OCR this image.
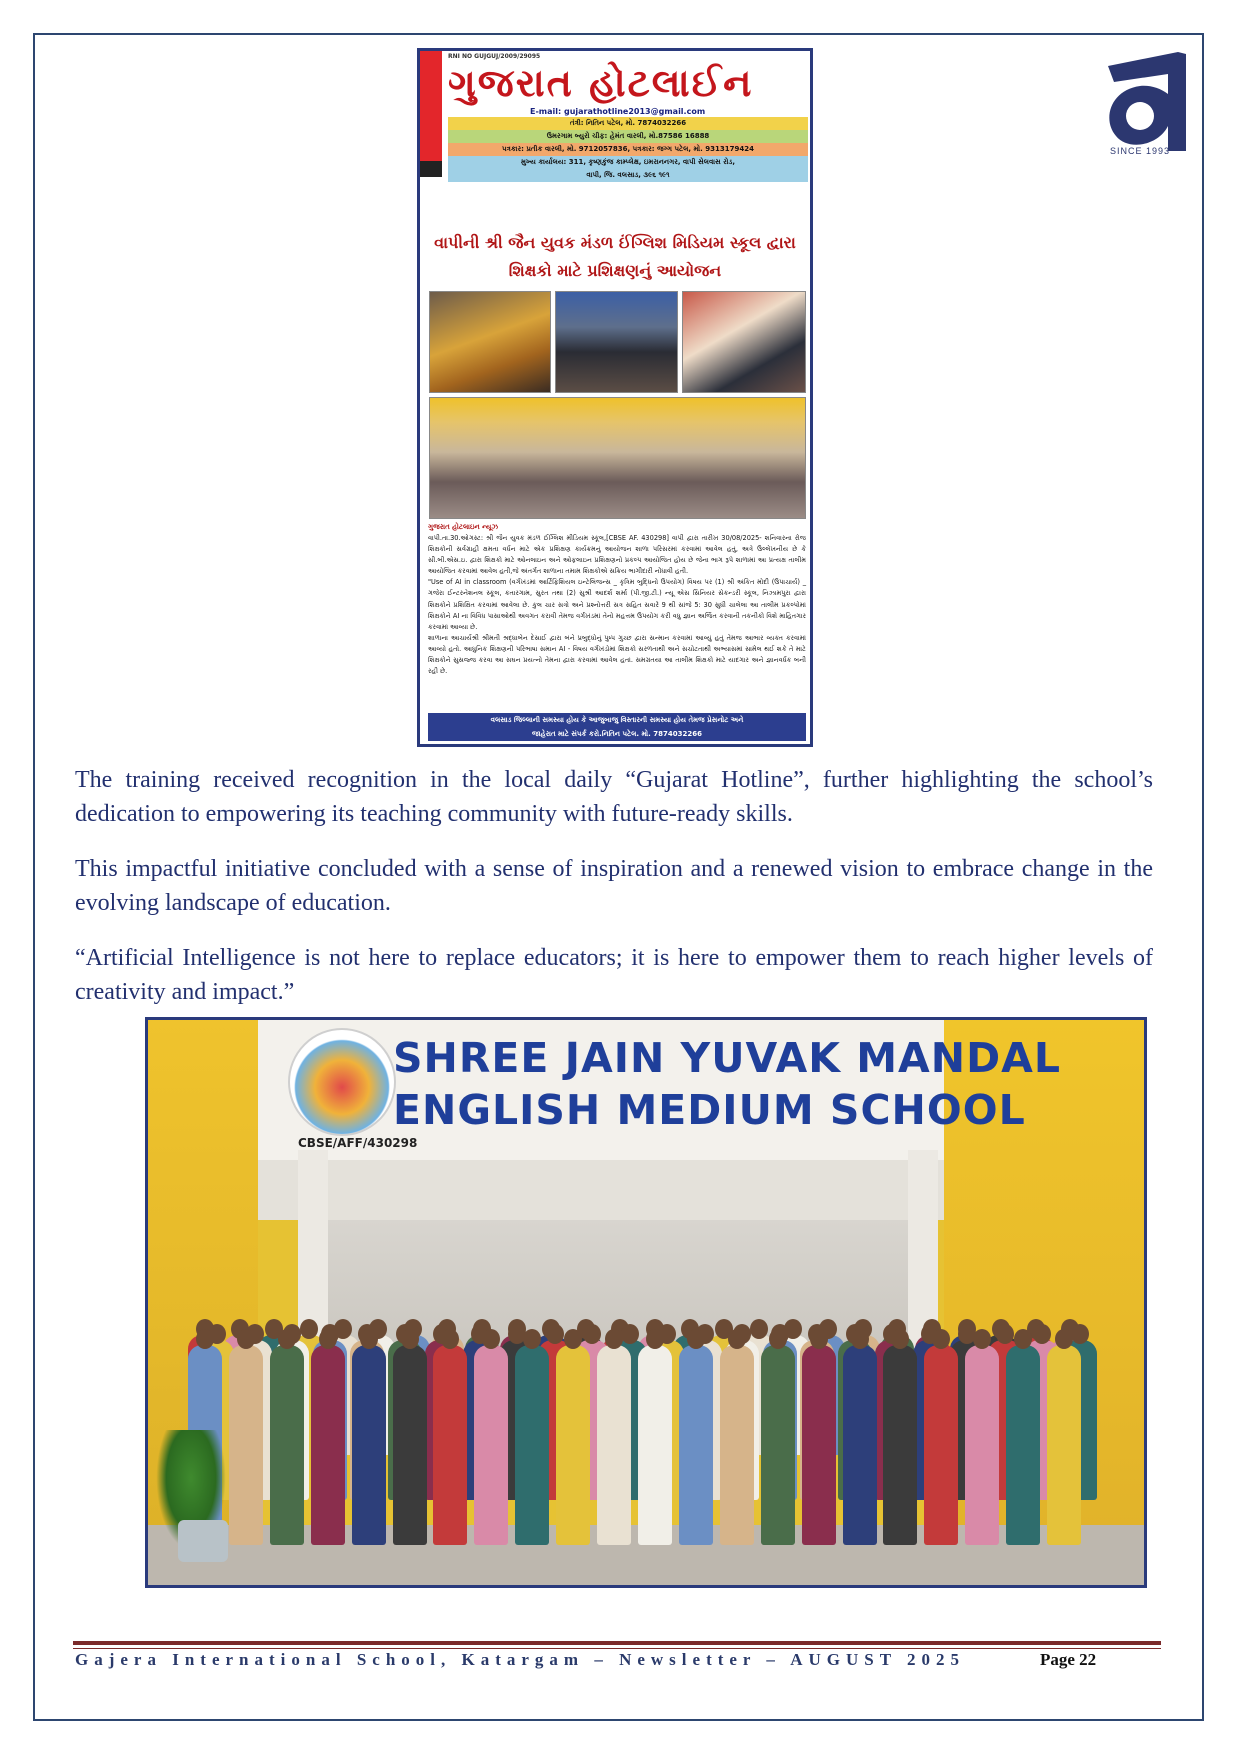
SINCE 1993
RNI NO GUJGUJ/2009/29095
ગુજરાત હોટલાઈન
E-mail: gujarathotline2013@gmail.com
તંત્રી: નિતિન પટેલ, મો. 7874032266
ઉમરગામ બ્યુરો ચીફ: હેમંત વારલી, મો.87586 16888
પત્રકાર: પ્રતીક વારલી, મો. 9712057836, પત્રકાર: જગ્ગ પટેલ, મો. 9313179424
મુખ્ય કાર્યાલય: 311, કૃષ્ણકુંજ કામ્પ્લેક્ષ, ઇમરાનનગર, વાપી સેલવાસ રોડ,
વાપી, જિ. વલસાડ, ૩૯૬ ૧૯૧
વાપીની શ્રી જૈન યુવક મંડળ ઈંગ્લિશ મિડિયમ સ્કૂલ દ્વારા શિક્ષકો માટે પ્રશિક્ષણનું આયોજન
ગુજરાત હોટલાઇન ન્યૂઝ

વાપી.તા.30.ઓગસ્ટ: શ્રી જૈન યુવક મંડળ ઈંગ્લિશ મીડિયમ સ્કૂલ,[CBSE AF. 430298] વાપી દ્વારા તારીખ 30/08/2025- શનિવારના રોજ શિક્ષકોની સર્વગ્રાહી ક્ષમતા વર્ધન માટે એક પ્રશિક્ષણ કાર્યક્રમનું આયોજન શાળા પરિસરમાં કરવામાં આવેલ હતું, અત્રે ઉલ્લેખનીય છે કે સી.બી.એસ.ઇ. દ્વારા શિક્ષકો માટે ઓનલાઇન અને ઓફલાઇન પ્રશિક્ષણનો પ્રકલ્પ આયોજિત હોય છે જેના ભાગ રૂપે શાળામાં આ પ્રત્યક્ષ તાલીમ આયોજિત કરવામાં આવેલ હતી,જે અંતર્ગત શાળાના તમામ શિક્ષકોએ સક્રિય ભાગીદારી નોંધાવી હતી.

"Use of AI in classroom (વર્ગખંડમાં આર્ટિફિશિયલ ઇન્ટેલિજન્સ _ કૃત્રિમ બુદ્ધિનો ઉપયોગ) વિષય પર (1) શ્રી અંકિત મોદી (ઉપાચાર્ય) _ ગજેરા ઈન્ટરનેશનલ સ્કૂલ, કતારગામ, સુરત તથા (2) સુશ્રી આદર્શ શર્મા (પી.જી.ટી.) ન્યૂ એસ સિનિયર સેકન્ડરી સ્કૂલ, નિઝામપુરા દ્વારા શિક્ષકોને પ્રશિક્ષિત કરવામાં આવેલા છે. કુલ ચાર સત્રો અને પ્રશ્નોત્તરી સત્ર સહિત સવારે 9 થી સાંજે 5: 30 સુધી ચાલેલા આ તાલીમ પ્રકલ્પોમાં શિક્ષકોને AI ના વિવિધ પાસાઓથી અવગત કરાવી તેમજ વર્ગખંડમાં તેનો મહત્તમ ઉપયોગ કરી વધુ જ્ઞાન અર્જિત કરવાની તકનીકો વિશે માહિતગાર કરવામાં આવ્યા છે.

શાળાના આચાર્યશ્રી શ્રીમતી શ્રદ્ધાબેન દેસાઈ દ્વારા બંને પ્રબુદ્ધોનું પુષ્પ ગુચ્છ દ્વારા સન્માન કરવામાં આવ્યું હતું તેમજ આભાર વ્યક્ત કરવામાં આવ્યો હતો. આધુનિક શિક્ષણની પરિભાષા સમાન AI - વિષય વર્ગખંડોમાં શિક્ષકો સરળતાથી અને સચોટતાથી અભ્યાસમાં સામેલ થઈ શકે તે માટે શિક્ષકોને સુસજ્જ કરવા આ સઘન પ્રયત્નો તેમના દ્વારા કરવામાં આવેલ હતાં. સમગ્રતયા આ તાલીમ શિક્ષકો માટે યાદગાર અને જ્ઞાનવર્ધક બની રહી છે.

વલસાડ જિલ્લાની સમસ્યા હોય કે આજુબાજુ વિસ્તારની સમસ્યા હોય તેમજ પ્રેસનોટ અને
જાહેરાત માટે સંપર્ક કરો.નિતિન પટેલ. મો. 7874032266

The training received recognition in the local daily “Gujarat Hotline”, further highlighting the school’s dedication to empowering its teaching community with future-ready skills.

This impactful initiative concluded with a sense of inspiration and a renewed vision to embrace change in the evolving landscape of education.

“Artificial Intelligence is not here to replace educators; it is here to empower them to reach higher levels of creativity and impact.”

CBSE/AFF/430298
SHREE JAIN YUVAK MANDAL
ENGLISH MEDIUM SCHOOL
Gajera International School, Katargam – Newsletter – AUGUST 2025	Page 22
